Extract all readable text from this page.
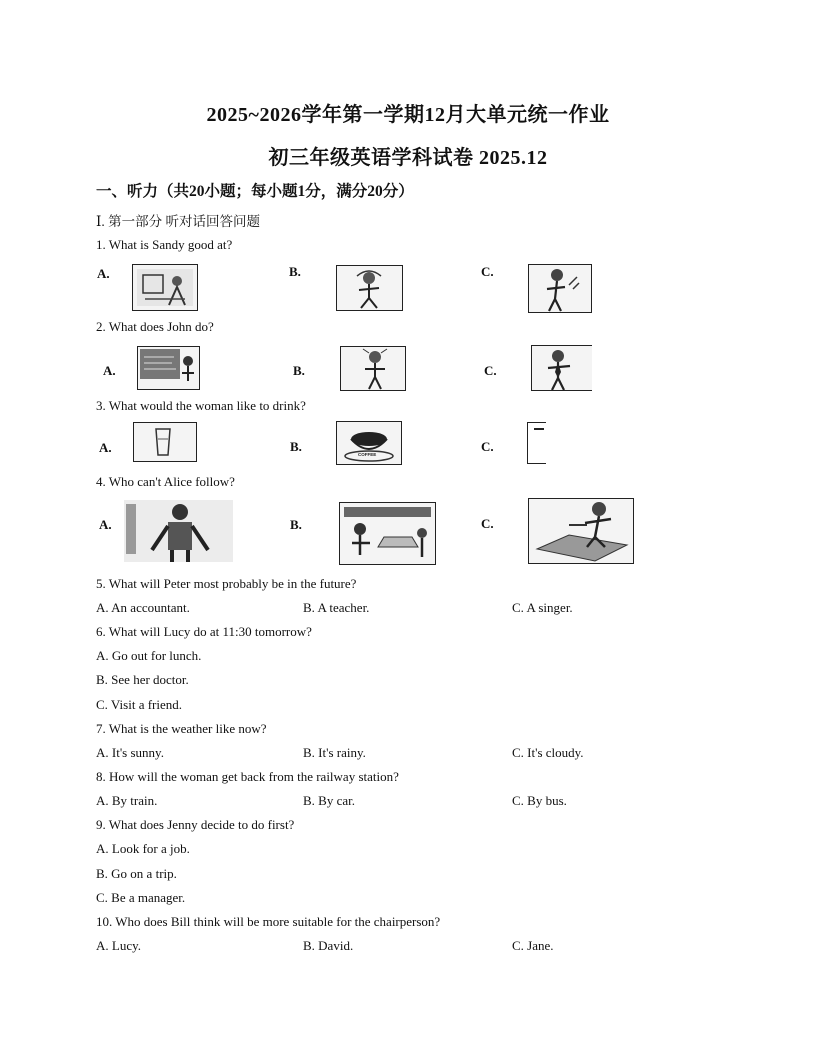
2025~2026学年第一学期12月大单元统一作业
初三年级英语学科试卷 2025.12
一、听力（共20小题；每小题1分，满分20分）
Ⅰ. 第一部分 听对话回答问题
1. What is Sandy good at?
A.	B.	C.
2. What does John do?
A.	B.	C.
3. What would the woman like to drink?
A.	B.
COFFEE
C.
4. Who can't Alice follow?
A.	B.	C.
5. What will Peter most probably be in the future?
A. An accountant.	B. A teacher.	C. A singer.
6. What will Lucy do at 11:30 tomorrow?
A. Go out for lunch.
B. See her doctor.
C. Visit a friend.
7. What is the weather like now?
A. It's sunny.	B. It's rainy.	C. It's cloudy.
8. How will the woman get back from the railway station?
A. By train.	B. By car.	C. By bus.
9. What does Jenny decide to do first?
A. Look for a job.
B. Go on a trip.
C. Be a manager.
10. Who does Bill think will be more suitable for the chairperson?
A. Lucy.	B. David.	C. Jane.
